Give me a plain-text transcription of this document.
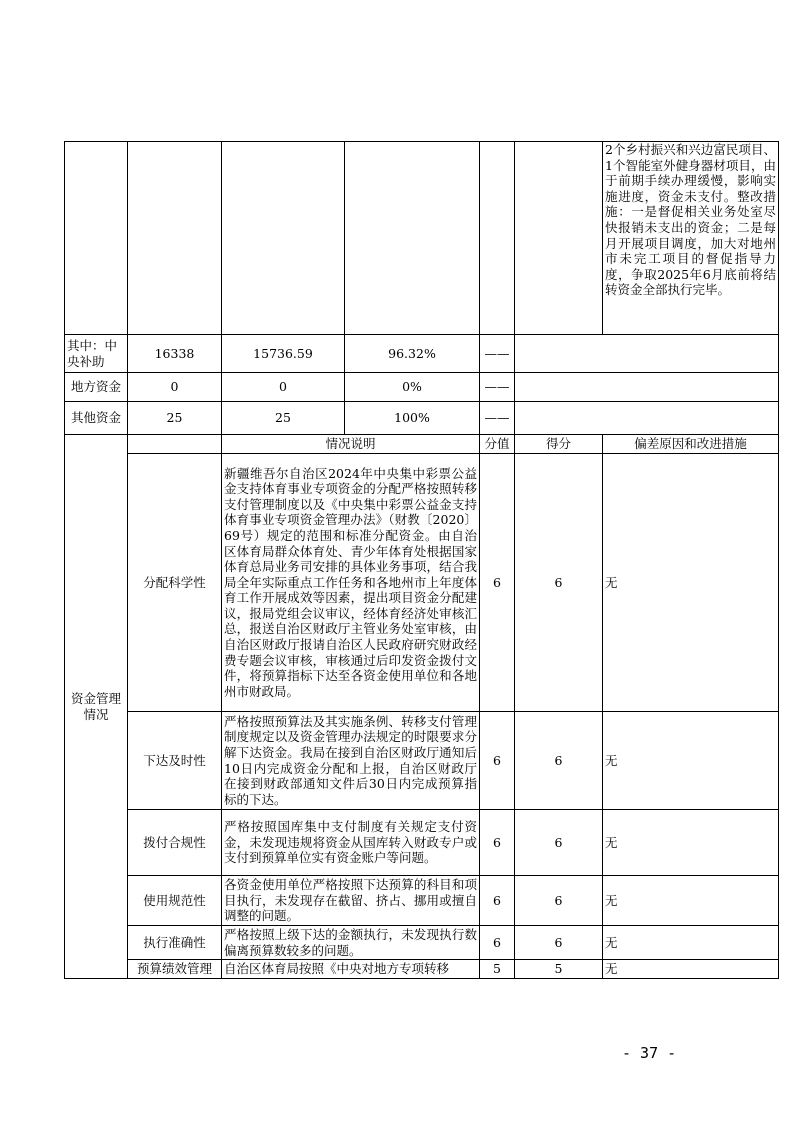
						2个乡村振兴和兴边富民项目、1个智能室外健身器材项目，由于前期手续办理缓慢，影响实施进度，资金未支付。整改措施：一是督促相关业务处室尽快报销未支出的资金；二是每月开展项目调度，加大对地州市未完工项目的督促指导力度，争取2025年6月底前将结转资金全部执行完毕。
其中：中央补助	16338	15736.59	96.32%	——		
地方资金	0	0	0%	——		
其他资金	25	25	100%	——		
资金管理情况		情况说明		分值	得分	偏差原因和改进措施
	分配科学性	新疆维吾尔自治区2024年中央集中彩票公益金支持体育事业专项资金的分配严格按照转移支付管理制度以及《中央集中彩票公益金支持体育事业专项资金管理办法》（财教〔2020〕69号）规定的范围和标准分配资金。由自治区体育局群众体育处、青少年体育处根据国家体育总局业务司安排的具体业务事项，结合我局全年实际重点工作任务和各地州市上年度体育工作开展成效等因素，提出项目资金分配建议，报局党组会议审议，经体育经济处审核汇总，报送自治区财政厅主管业务处室审核，由自治区财政厅报请自治区人民政府研究财政经费专题会议审核，审核通过后印发资金拨付文件，将预算指标下达至各资金使用单位和各地州市财政局。		6	6	无
	下达及时性	严格按照预算法及其实施条例、转移支付管理制度规定以及资金管理办法规定的时限要求分解下达资金。我局在接到自治区财政厅通知后10日内完成资金分配和上报，自治区财政厅在接到财政部通知文件后30日内完成预算指标的下达。		6	6	无
	拨付合规性	严格按照国库集中支付制度有关规定支付资金，未发现违规将资金从国库转入财政专户或支付到预算单位实有资金账户等问题。		6	6	无
	使用规范性	各资金使用单位严格按照下达预算的科目和项目执行，未发现存在截留、挤占、挪用或擅自调整的问题。		6	6	无
	执行准确性	严格按照上级下达的金额执行，未发现执行数偏离预算数较多的问题。		6	6	无
	预算绩效管理	自治区体育局按照《中央对地方专项转移		5	5	无
- 37 -
